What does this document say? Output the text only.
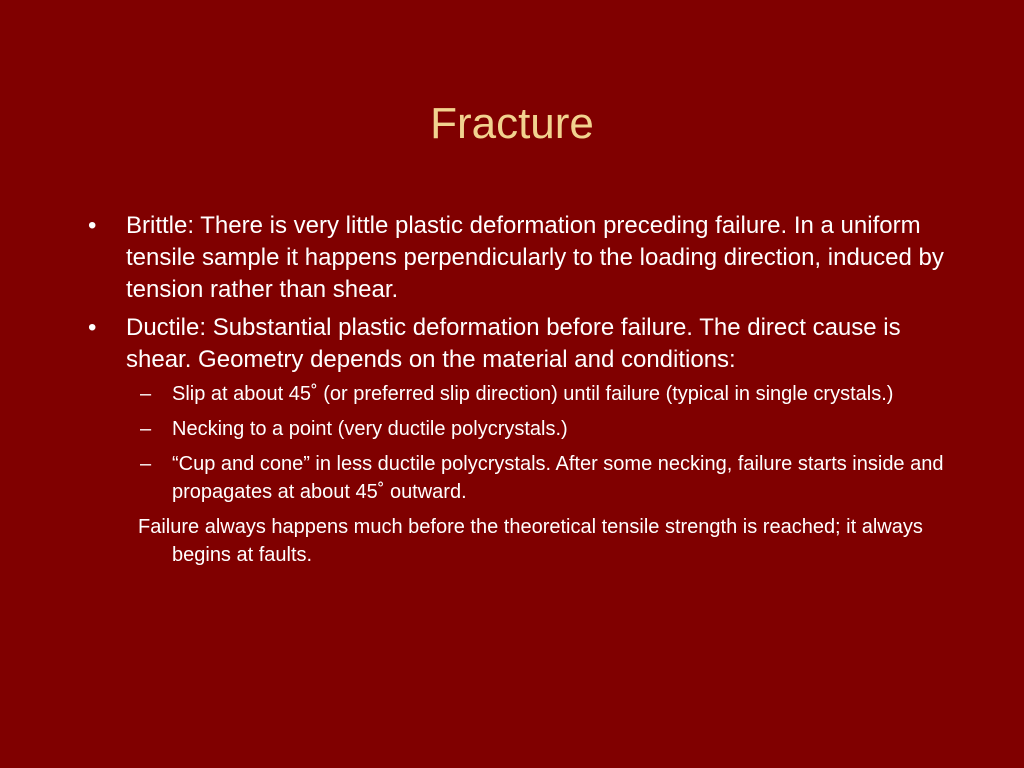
Fracture
• Brittle: There is very little plastic deformation preceding failure. In a uniform tensile sample it happens perpendicularly to the loading direction, induced by tension rather than shear.
• Ductile: Substantial plastic deformation before failure. The direct cause is shear. Geometry depends on the material and conditions:
– Slip at about 45˚ (or preferred slip direction) until failure (typical in single crystals.)
– Necking to a point (very ductile polycrystals.)
– “Cup and cone” in less ductile polycrystals. After some necking, failure starts inside and propagates at about 45˚ outward.
Failure always happens much before the theoretical tensile strength is reached; it always begins at faults.
